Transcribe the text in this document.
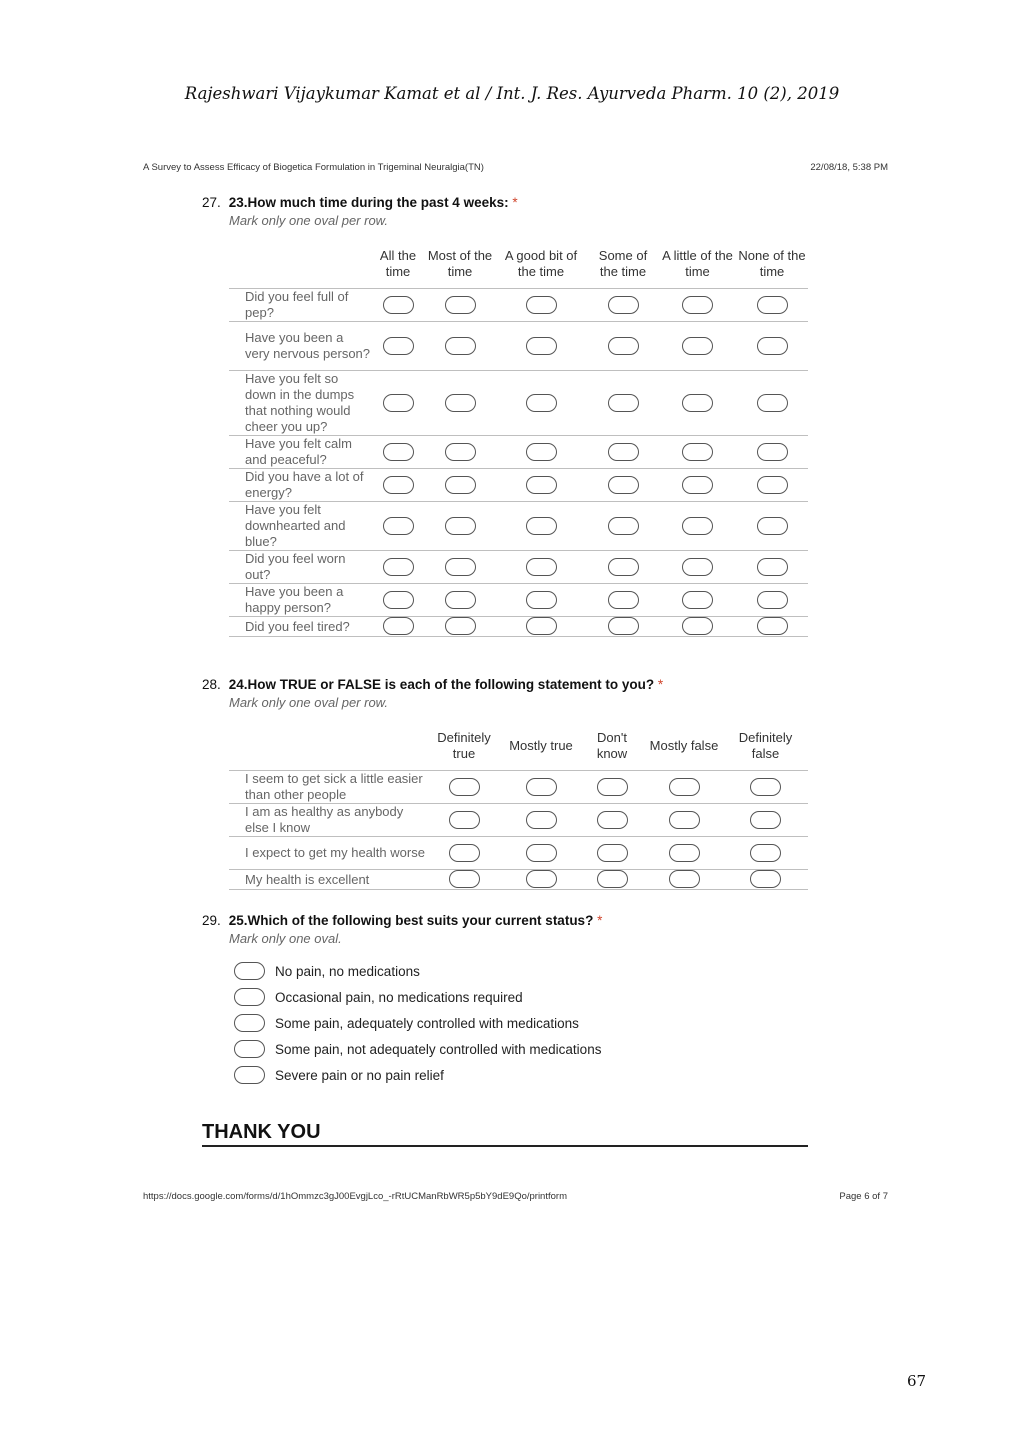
Rajeshwari Vijaykumar Kamat et al / Int. J. Res. Ayurveda Pharm. 10 (2), 2019
A Survey to Assess Efficacy of Biogetica Formulation in Trigeminal Neuralgia(TN)	22/08/18, 5:38 PM
27. 23.How much time during the past 4 weeks: *
Mark only one oval per row.
	All the time	Most of the time	A good bit of the time	Some of the time	A little of the time	None of the time
Did you feel full of pep?						
Have you been a very nervous person?						
Have you felt so down in the dumps that nothing would cheer you up?						
Have you felt calm and peaceful?						
Did you have a lot of energy?						
Have you felt downhearted and blue?						
Did you feel worn out?						
Have you been a happy person?						
Did you feel tired?						
28. 24.How TRUE or FALSE is each of the following statement to you? *
Mark only one oval per row.
	Definitely true	Mostly true	Don't know	Mostly false	Definitely false
I seem to get sick a little easier than other people					
I am as healthy as anybody else I know					
I expect to get my health worse					
My health is excellent					
29. 25.Which of the following best suits your current status? *
Mark only one oval.
No pain, no medications
Occasional pain, no medications required
Some pain, adequately controlled with medications
Some pain, not adequately controlled with medications
Severe pain or no pain relief
THANK YOU
https://docs.google.com/forms/d/1hOmmzc3gJ00EvgjLco_-rRtUCManRbWR5p5bY9dE9Qo/printform	Page 6 of 7
67
